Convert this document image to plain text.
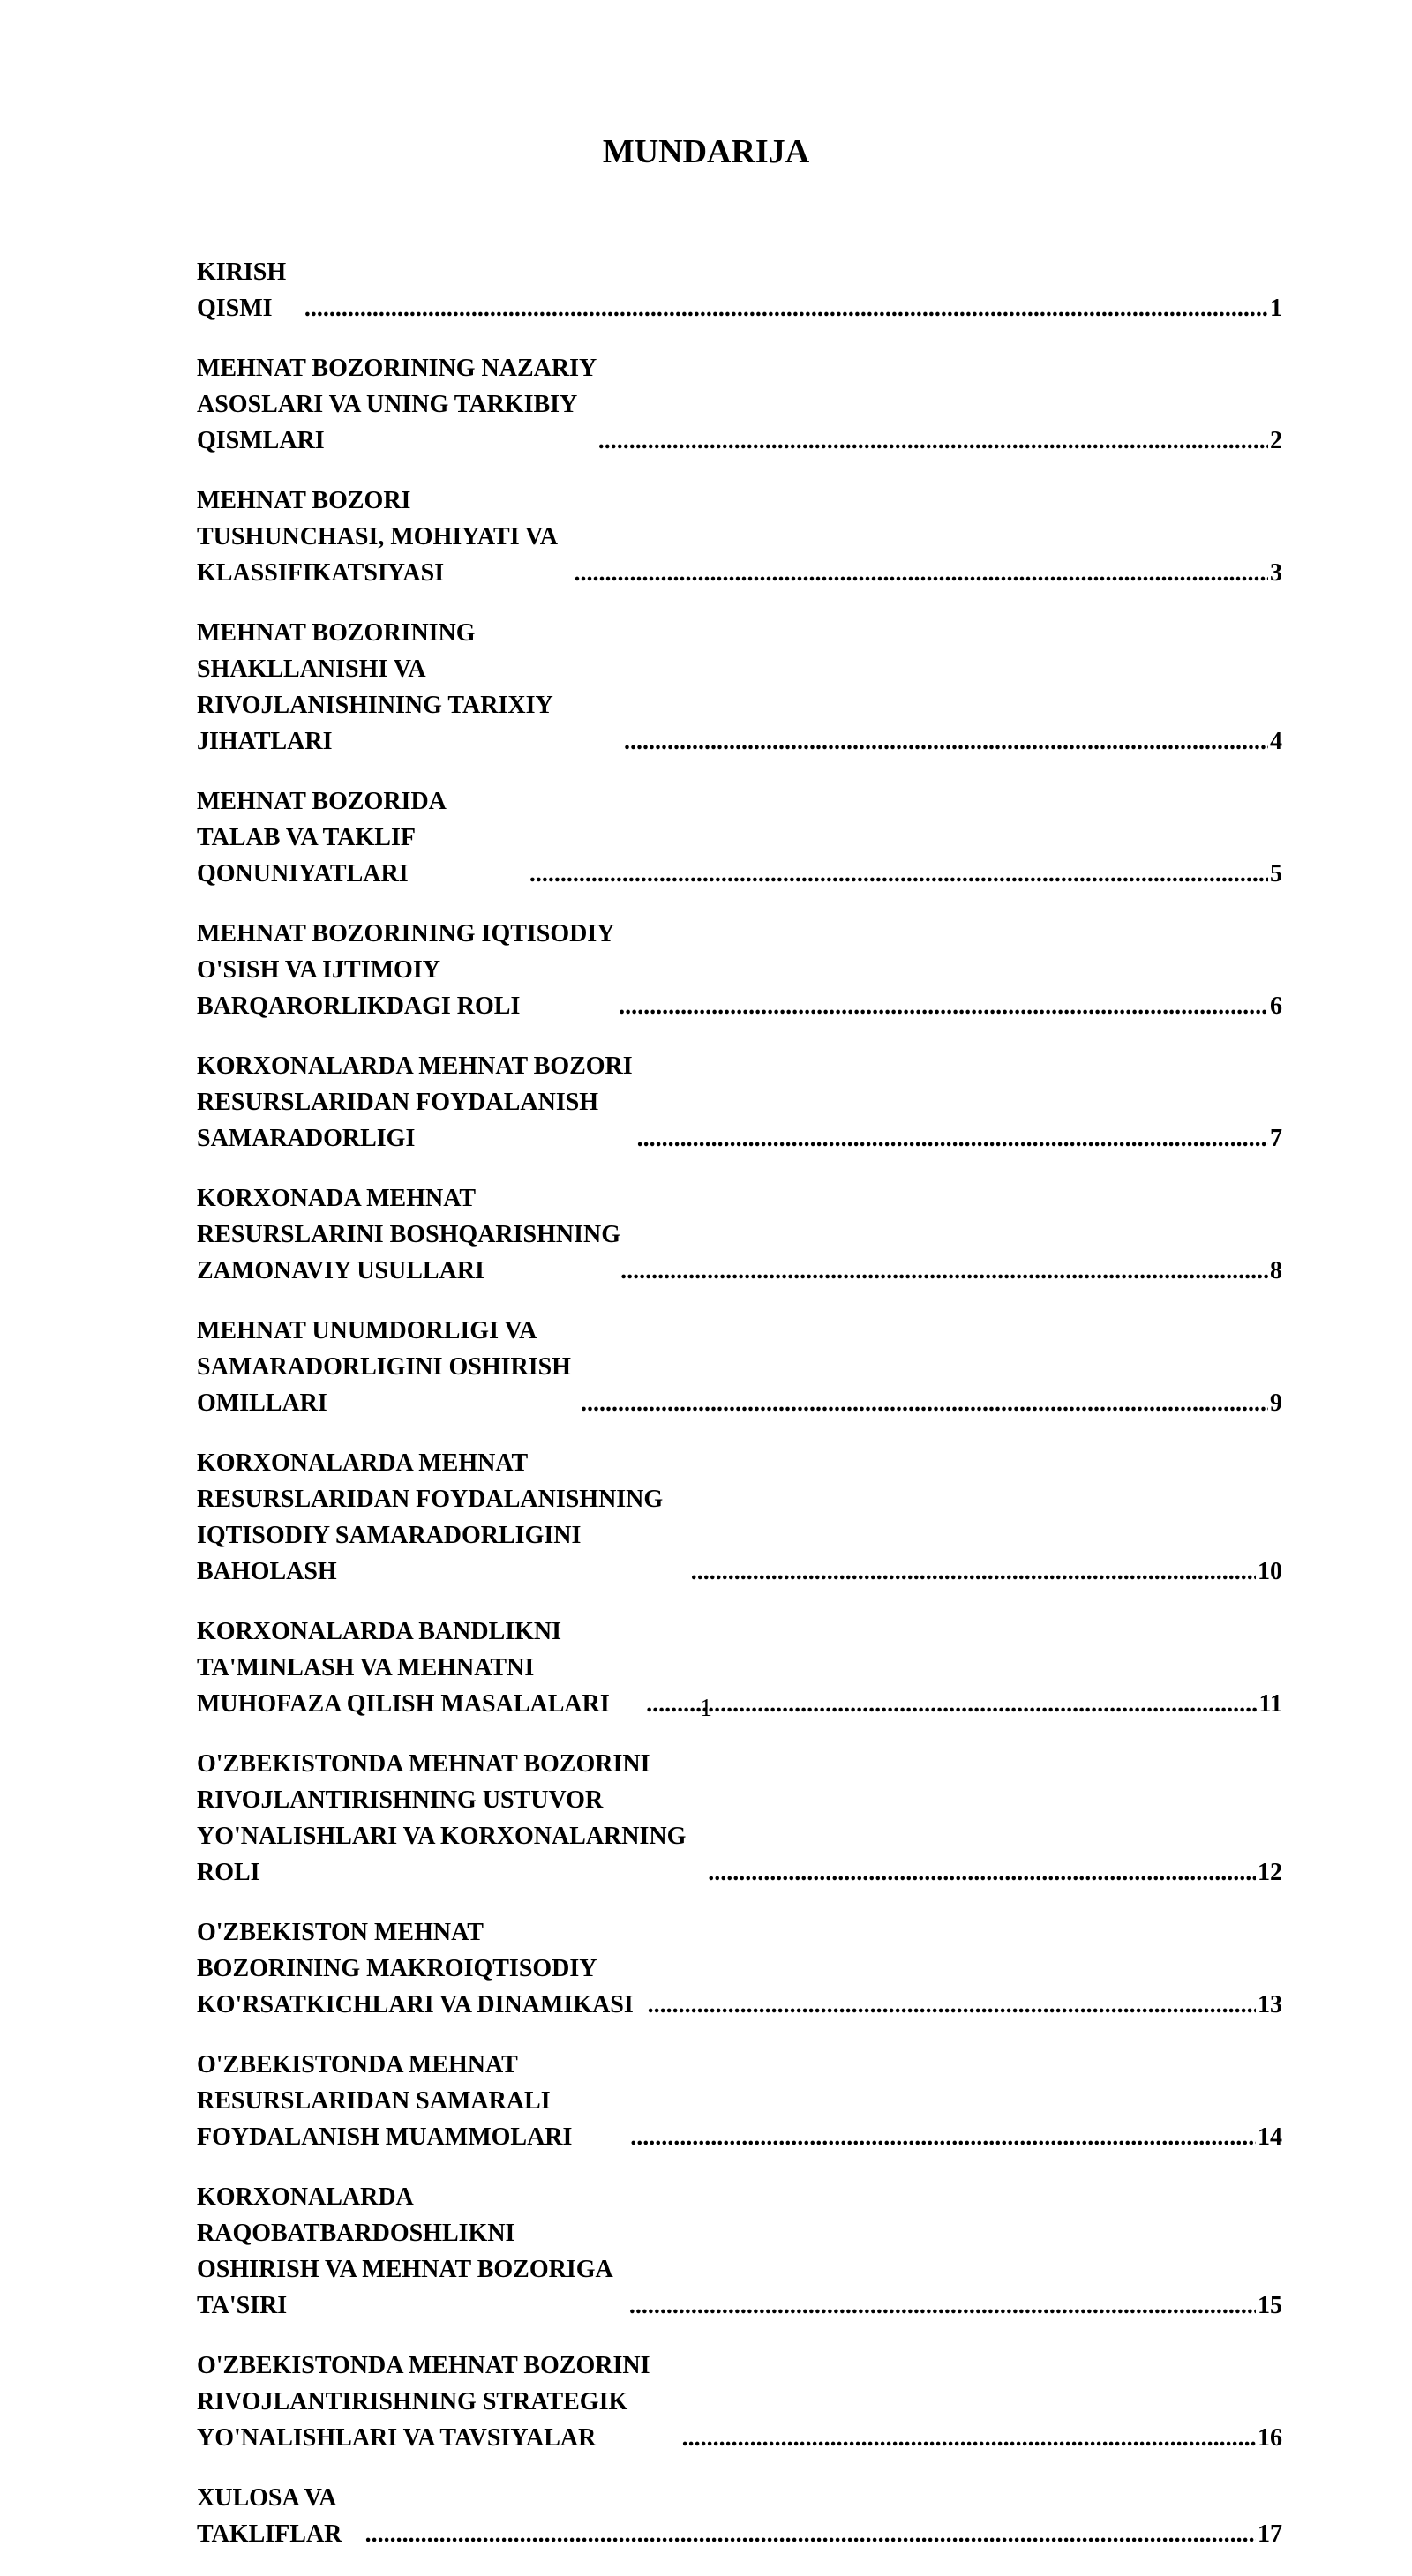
MUNDARIJA
KIRISH QISMI .....	1
MEHNAT BOZORINING NAZARIY ASOSLARI VA UNING TARKIBIY QISMLARI .....	2
MEHNAT BOZORI TUSHUNCHASI, MOHIYATI VA KLASSIFIKATSIYASI .....	3
MEHNAT BOZORINING SHAKLLANISHI VA RIVOJLANISHINING TARIXIY JIHATLARI .....	4
MEHNAT BOZORIDA TALAB VA TAKLIF QONUNIYATLARI .....	5
MEHNAT BOZORINING IQTISODIY O'SISH VA IJTIMOIY BARQARORLIKDAGI ROLI .....	6
KORXONALARDA MEHNAT BOZORI RESURSLARIDAN FOYDALANISH SAMARADORLIGI .....	7
KORXONADA MEHNAT RESURSLARINI BOSHQARISHNING ZAMONAVIY USULLARI .....	8
MEHNAT UNUMDORLIGI VA SAMARADORLIGINI OSHIRISH OMILLARI .....	9
KORXONALARDA MEHNAT RESURSLARIDAN FOYDALANISHNING IQTISODIY SAMARADORLIGINI BAHOLASH .....	10
KORXONALARDA BANDLIKNI TA'MINLASH VA MEHNATNI MUHOFAZA QILISH MASALALARI .....	11
O'ZBEKISTONDA MEHNAT BOZORINI RIVOJLANTIRISHNING USTUVOR YO'NALISHLARI VA KORXONALARNING ROLI .....	12
O'ZBEKISTON MEHNAT BOZORINING MAKROIQTISODIY KO'RSATKICHLARI VA DINAMIKASI .....	13
O'ZBEKISTONDA MEHNAT RESURSLARIDAN SAMARALI FOYDALANISH MUAMMOLARI .....	14
KORXONALARDA RAQOBATBARDOSHLIKNI OSHIRISH VA MEHNAT BOZORIGA TA'SIRI .....	15
O'ZBEKISTONDA MEHNAT BOZORINI RIVOJLANTIRISHNING STRATEGIK YO'NALISHLARI VA TAVSIYALAR .....	16
XULOSA VA TAKLIFLAR .....	17
1
